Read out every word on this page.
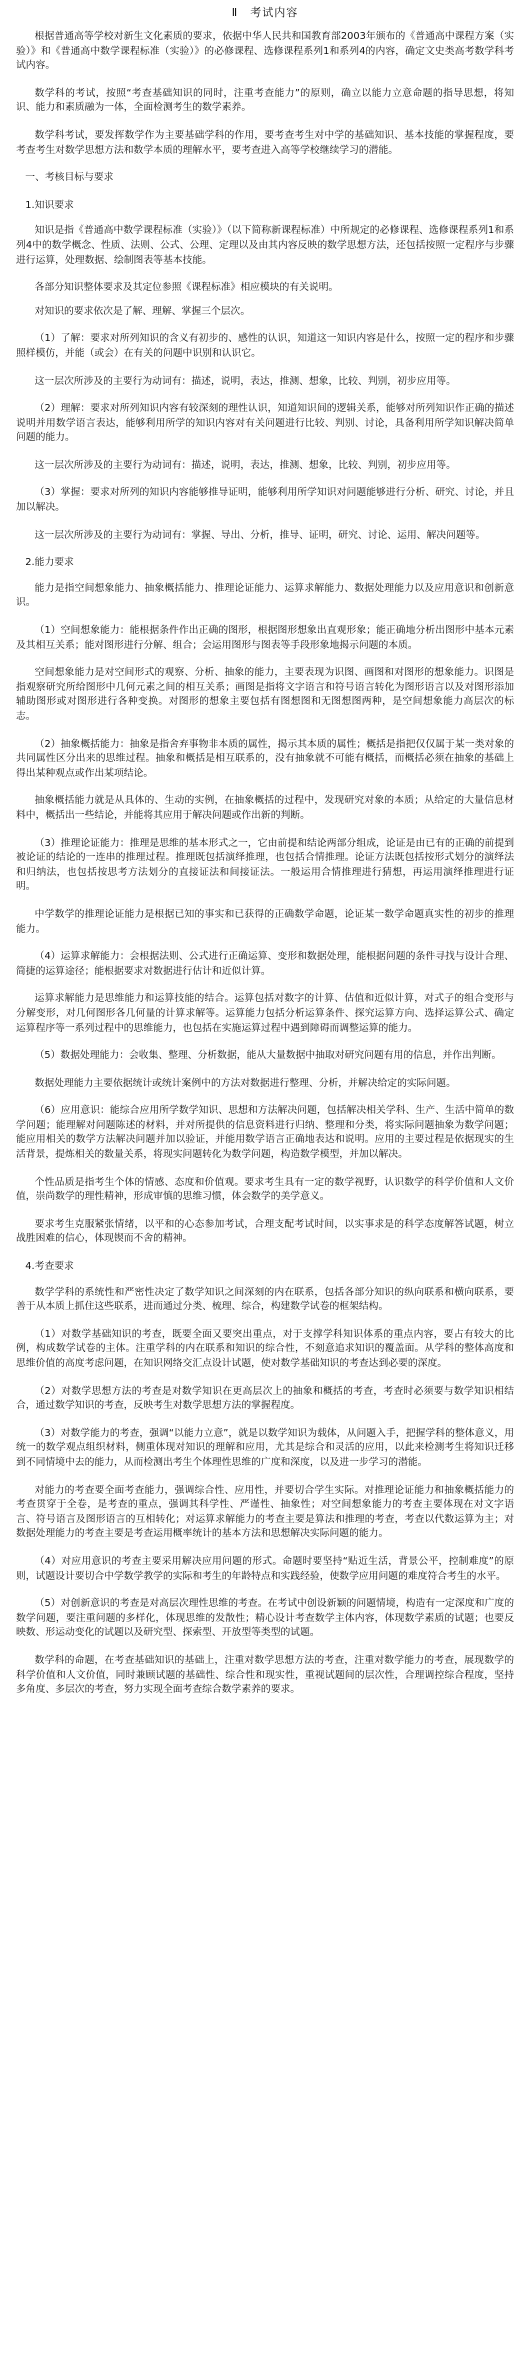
Ⅱ　考试内容

根据普通高等学校对新生文化素质的要求，依据中华人民共和国教育部2003年颁布的《普通高中课程方案（实验）》和《普通高中数学课程标准（实验）》的必修课程、选修课程系列1和系列4的内容，确定文史类高考数学科考试内容。

数学科的考试，按照“考查基础知识的同时，注重考查能力”的原则，确立以能力立意命题的指导思想，将知识、能力和素质融为一体，全面检测考生的数学素养。

数学科考试，要发挥数学作为主要基础学科的作用，要考查考生对中学的基础知识、基本技能的掌握程度，要考查考生对数学思想方法和数学本质的理解水平，要考查进入高等学校继续学习的潜能。

一、考核目标与要求

1.知识要求

知识是指《普通高中数学课程标准（实验）》（以下简称新课程标准）中所规定的必修课程、选修课程系列1和系列4中的数学概念、性质、法则、公式、公理、定理以及由其内容反映的数学思想方法，还包括按照一定程序与步骤进行运算，处理数据、绘制图表等基本技能。

各部分知识整体要求及其定位参照《课程标准》相应模块的有关说明。

对知识的要求依次是了解、理解、掌握三个层次。

（1）了解：要求对所列知识的含义有初步的、感性的认识，知道这一知识内容是什么，按照一定的程序和步骤照样模仿，并能（或会）在有关的问题中识别和认识它。

这一层次所涉及的主要行为动词有：描述，说明，表达，推测、想象，比较、判别，初步应用等。

（2）理解：要求对所列知识内容有较深刻的理性认识，知道知识间的逻辑关系，能够对所列知识作正确的描述说明并用数学语言表达，能够利用所学的知识内容对有关问题进行比较、判别、讨论，具备利用所学知识解决简单问题的能力。

这一层次所涉及的主要行为动词有：描述，说明，表达，推测、想象，比较、判别，初步应用等。

（3）掌握：要求对所列的知识内容能够推导证明，能够利用所学知识对问题能够进行分析、研究、讨论，并且加以解决。

这一层次所涉及的主要行为动词有：掌握、导出、分析，推导、证明，研究、讨论、运用、解决问题等。

2.能力要求

能力是指空间想象能力、抽象概括能力、推理论证能力、运算求解能力、数据处理能力以及应用意识和创新意识。

（1）空间想象能力：能根据条件作出正确的图形，根据图形想象出直观形象；能正确地分析出图形中基本元素及其相互关系；能对图形进行分解、组合；会运用图形与图表等手段形象地揭示问题的本质。

空间想象能力是对空间形式的观察、分析、抽象的能力，主要表现为识图、画图和对图形的想象能力。识图是指观察研究所给图形中几何元素之间的相互关系；画图是指将文字语言和符号语言转化为图形语言以及对图形添加辅助图形或对图形进行各种变换。对图形的想象主要包括有图想图和无图想图两种，是空间想象能力高层次的标志。

（2）抽象概括能力：抽象是指舍弃事物非本质的属性，揭示其本质的属性；概括是指把仅仅属于某一类对象的共同属性区分出来的思维过程。抽象和概括是相互联系的，没有抽象就不可能有概括，而概括必须在抽象的基础上得出某种观点或作出某项结论。

抽象概括能力就是从具体的、生动的实例，在抽象概括的过程中，发现研究对象的本质；从给定的大量信息材料中，概括出一些结论，并能将其应用于解决问题或作出新的判断。

（3）推理论证能力：推理是思维的基本形式之一，它由前提和结论两部分组成，论证是由已有的正确的前提到被论证的结论的一连串的推理过程。推理既包括演绎推理，也包括合情推理。论证方法既包括按形式划分的演绎法和归纳法，也包括按思考方法划分的直接证法和间接证法。一般运用合情推理进行猜想，再运用演绎推理进行证明。

中学数学的推理论证能力是根据已知的事实和已获得的正确数学命题，论证某一数学命题真实性的初步的推理能力。

（4）运算求解能力：会根据法则、公式进行正确运算、变形和数据处理，能根据问题的条件寻找与设计合理、简捷的运算途径；能根据要求对数据进行估计和近似计算。

运算求解能力是思维能力和运算技能的结合。运算包括对数字的计算、估值和近似计算，对式子的组合变形与分解变形，对几何图形各几何量的计算求解等。运算能力包括分析运算条件、探究运算方向、选择运算公式、确定运算程序等一系列过程中的思维能力，也包括在实施运算过程中遇到障碍而调整运算的能力。

（5）数据处理能力：会收集、整理、分析数据，能从大量数据中抽取对研究问题有用的信息，并作出判断。

数据处理能力主要依据统计或统计案例中的方法对数据进行整理、分析，并解决给定的实际问题。

（6）应用意识：能综合应用所学数学知识、思想和方法解决问题，包括解决相关学科、生产、生活中简单的数学问题；能理解对问题陈述的材料，并对所提供的信息资料进行归纳、整理和分类，将实际问题抽象为数学问题；能应用相关的数学方法解决问题并加以验证，并能用数学语言正确地表达和说明。应用的主要过程是依据现实的生活背景，提炼相关的数量关系，将现实问题转化为数学问题，构造数学模型，并加以解决。

个性品质是指考生个体的情感、态度和价值观。要求考生具有一定的数学视野，认识数学的科学价值和人文价值，崇尚数学的理性精神，形成审慎的思维习惯，体会数学的美学意义。

要求考生克服紧张情绪，以平和的心态参加考试，合理支配考试时间，以实事求是的科学态度解答试题，树立战胜困难的信心，体现锲而不舍的精神。

4.考查要求

数学学科的系统性和严密性决定了数学知识之间深刻的内在联系，包括各部分知识的纵向联系和横向联系，要善于从本质上抓住这些联系，进而通过分类、梳理、综合，构建数学试卷的框架结构。

（1）对数学基础知识的考查，既要全面又要突出重点，对于支撑学科知识体系的重点内容，要占有较大的比例，构成数学试卷的主体。注重学科的内在联系和知识的综合性，不刻意追求知识的覆盖面。从学科的整体高度和思维价值的高度考虑问题，在知识网络交汇点设计试题，使对数学基础知识的考查达到必要的深度。

（2）对数学思想方法的考查是对数学知识在更高层次上的抽象和概括的考查，考查时必须要与数学知识相结合，通过数学知识的考查，反映考生对数学思想方法的掌握程度。

（3）对数学能力的考查，强调“以能力立意”，就是以数学知识为载体，从问题入手，把握学科的整体意义，用统一的数学观点组织材料，侧重体现对知识的理解和应用，尤其是综合和灵活的应用，以此来检测考生将知识迁移到不同情境中去的能力，从而检测出考生个体理性思维的广度和深度，以及进一步学习的潜能。

对能力的考查要全面考查能力，强调综合性、应用性，并要切合学生实际。对推理论证能力和抽象概括能力的考查贯穿于全卷，是考查的重点，强调其科学性、严谨性、抽象性；对空间想象能力的考查主要体现在对文字语言、符号语言及图形语言的互相转化；对运算求解能力的考查主要是算法和推理的考查，考查以代数运算为主；对数据处理能力的考查主要是考查运用概率统计的基本方法和思想解决实际问题的能力。

（4）对应用意识的考查主要采用解决应用问题的形式。命题时要坚持“贴近生活，背景公平，控制难度”的原则，试题设计要切合中学数学教学的实际和考生的年龄特点和实践经验，使数学应用问题的难度符合考生的水平。

（5）对创新意识的考查是对高层次理性思维的考查。在考试中创设新颖的问题情境，构造有一定深度和广度的数学问题，要注重问题的多样化，体现思维的发散性；精心设计考查数学主体内容，体现数学素质的试题；也要反映数、形运动变化的试题以及研究型、探索型、开放型等类型的试题。

数学科的命题，在考查基础知识的基础上，注重对数学思想方法的考查，注重对数学能力的考查，展现数学的科学价值和人文价值，同时兼顾试题的基础性、综合性和现实性，重视试题间的层次性，合理调控综合程度，坚持多角度、多层次的考查，努力实现全面考查综合数学素养的要求。
